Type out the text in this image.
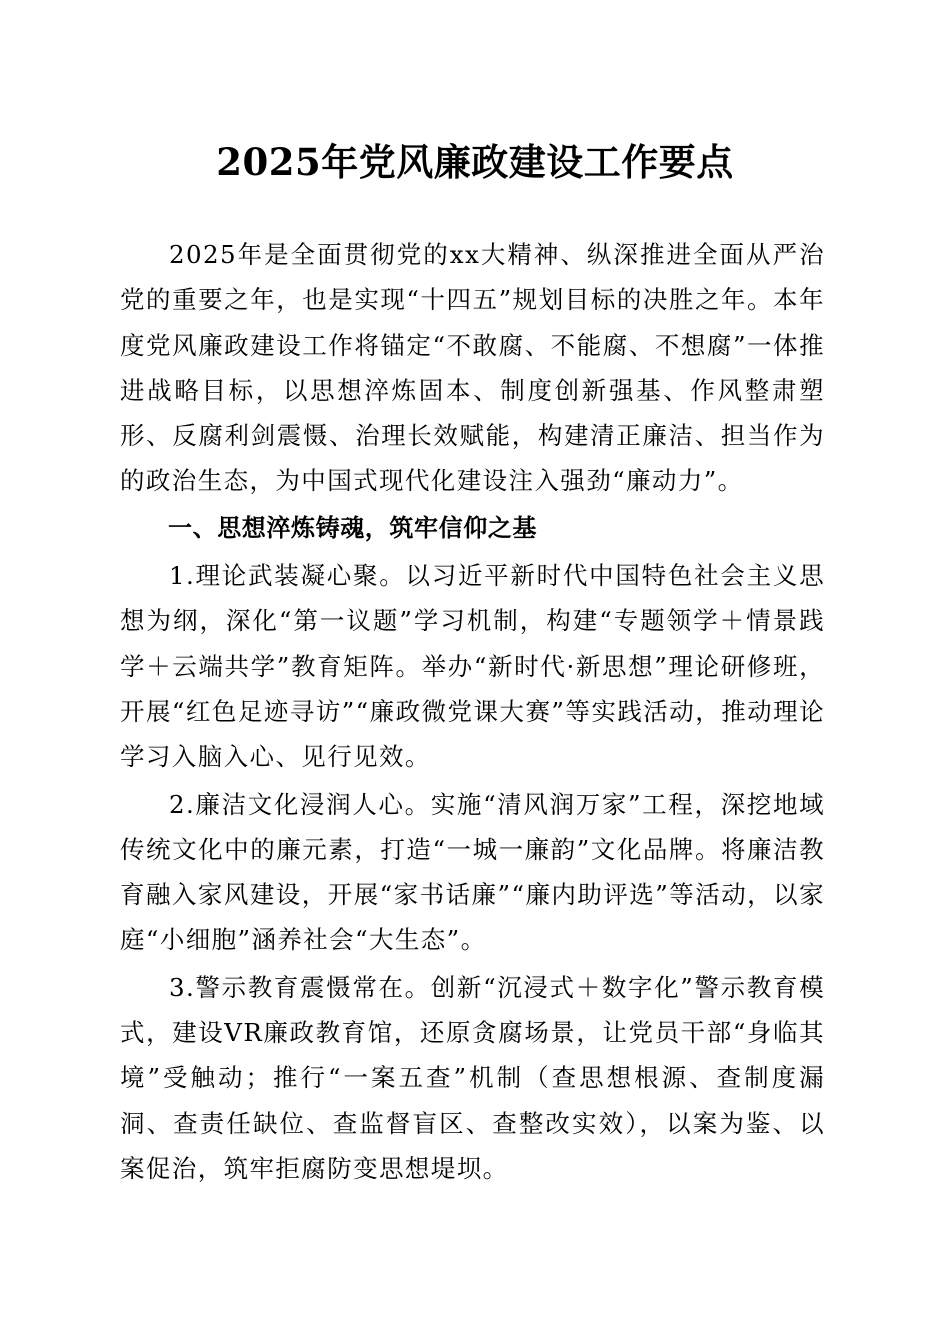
2025年党风廉政建设工作要点

2025年是全面贯彻党的xx大精神、纵深推进全面从严治党的重要之年，也是实现“十四五”规划目标的决胜之年。本年度党风廉政建设工作将锚定“不敢腐、不能腐、不想腐”一体推进战略目标，以思想淬炼固本、制度创新强基、作风整肃塑形、反腐利剑震慑、治理长效赋能，构建清正廉洁、担当作为的政治生态，为中国式现代化建设注入强劲“廉动力”。

一、思想淬炼铸魂，筑牢信仰之基

1.理论武装凝心聚。以习近平新时代中国特色社会主义思想为纲，深化“第一议题”学习机制，构建“专题领学＋情景践学＋云端共学”教育矩阵。举办“新时代·新思想”理论研修班，开展“红色足迹寻访”“廉政微党课大赛”等实践活动，推动理论学习入脑入心、见行见效。

2.廉洁文化浸润人心。实施“清风润万家”工程，深挖地域传统文化中的廉元素，打造“一城一廉韵”文化品牌。将廉洁教育融入家风建设，开展“家书话廉”“廉内助评选”等活动，以家庭“小细胞”涵养社会“大生态”。

3.警示教育震慑常在。创新“沉浸式＋数字化”警示教育模式，建设VR廉政教育馆，还原贪腐场景，让党员干部“身临其境”受触动；推行“一案五查”机制（查思想根源、查制度漏洞、查责任缺位、查监督盲区、查整改实效），以案为鉴、以案促治，筑牢拒腐防变思想堤坝。
